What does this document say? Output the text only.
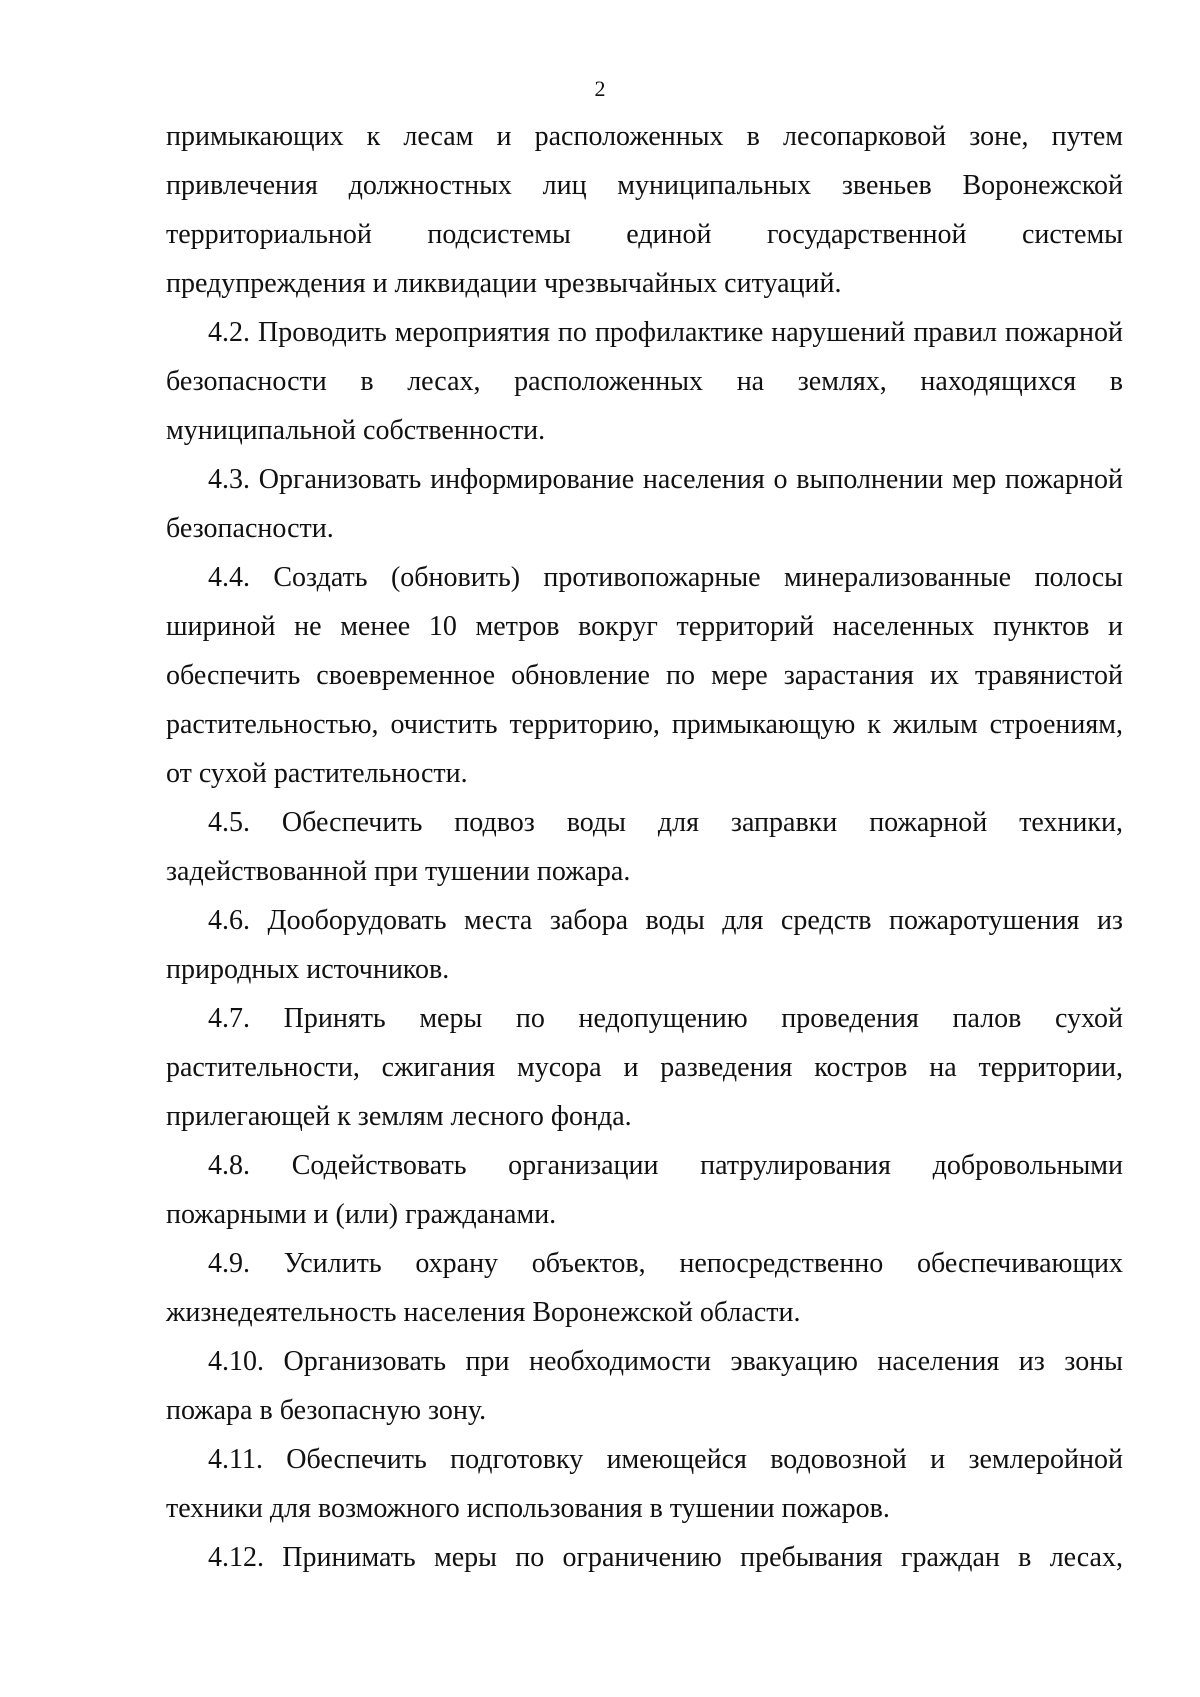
2

примыкающих к лесам и расположенных в лесопарковой зоне, путем привлечения должностных лиц муниципальных звеньев Воронежской территориальной подсистемы единой государственной системы предупреждения и ликвидации чрезвычайных ситуаций.

4.2. Проводить мероприятия по профилактике нарушений правил пожарной безопасности в лесах, расположенных на землях, находящихся в муниципальной собственности.

4.3. Организовать информирование населения о выполнении мер пожарной безопасности.

4.4. Создать (обновить) противопожарные минерализованные полосы шириной не менее 10 метров вокруг территорий населенных пунктов и обеспечить своевременное обновление по мере зарастания их травянистой растительностью, очистить территорию, примыкающую к жилым строениям, от сухой растительности.

4.5. Обеспечить подвоз воды для заправки пожарной техники, задействованной при тушении пожара.

4.6. Дооборудовать места забора воды для средств пожаротушения из природных источников.

4.7. Принять меры по недопущению проведения палов сухой растительности, сжигания мусора и разведения костров на территории, прилегающей к землям лесного фонда.

4.8. Содействовать организации патрулирования добровольными пожарными и (или) гражданами.

4.9. Усилить охрану объектов, непосредственно обеспечивающих жизнедеятельность населения Воронежской области.

4.10. Организовать при необходимости эвакуацию населения из зоны пожара в безопасную зону.

4.11. Обеспечить подготовку имеющейся водовозной и землеройной техники для возможного использования в тушении пожаров.

4.12. Принимать меры по ограничению пребывания граждан в лесах,
